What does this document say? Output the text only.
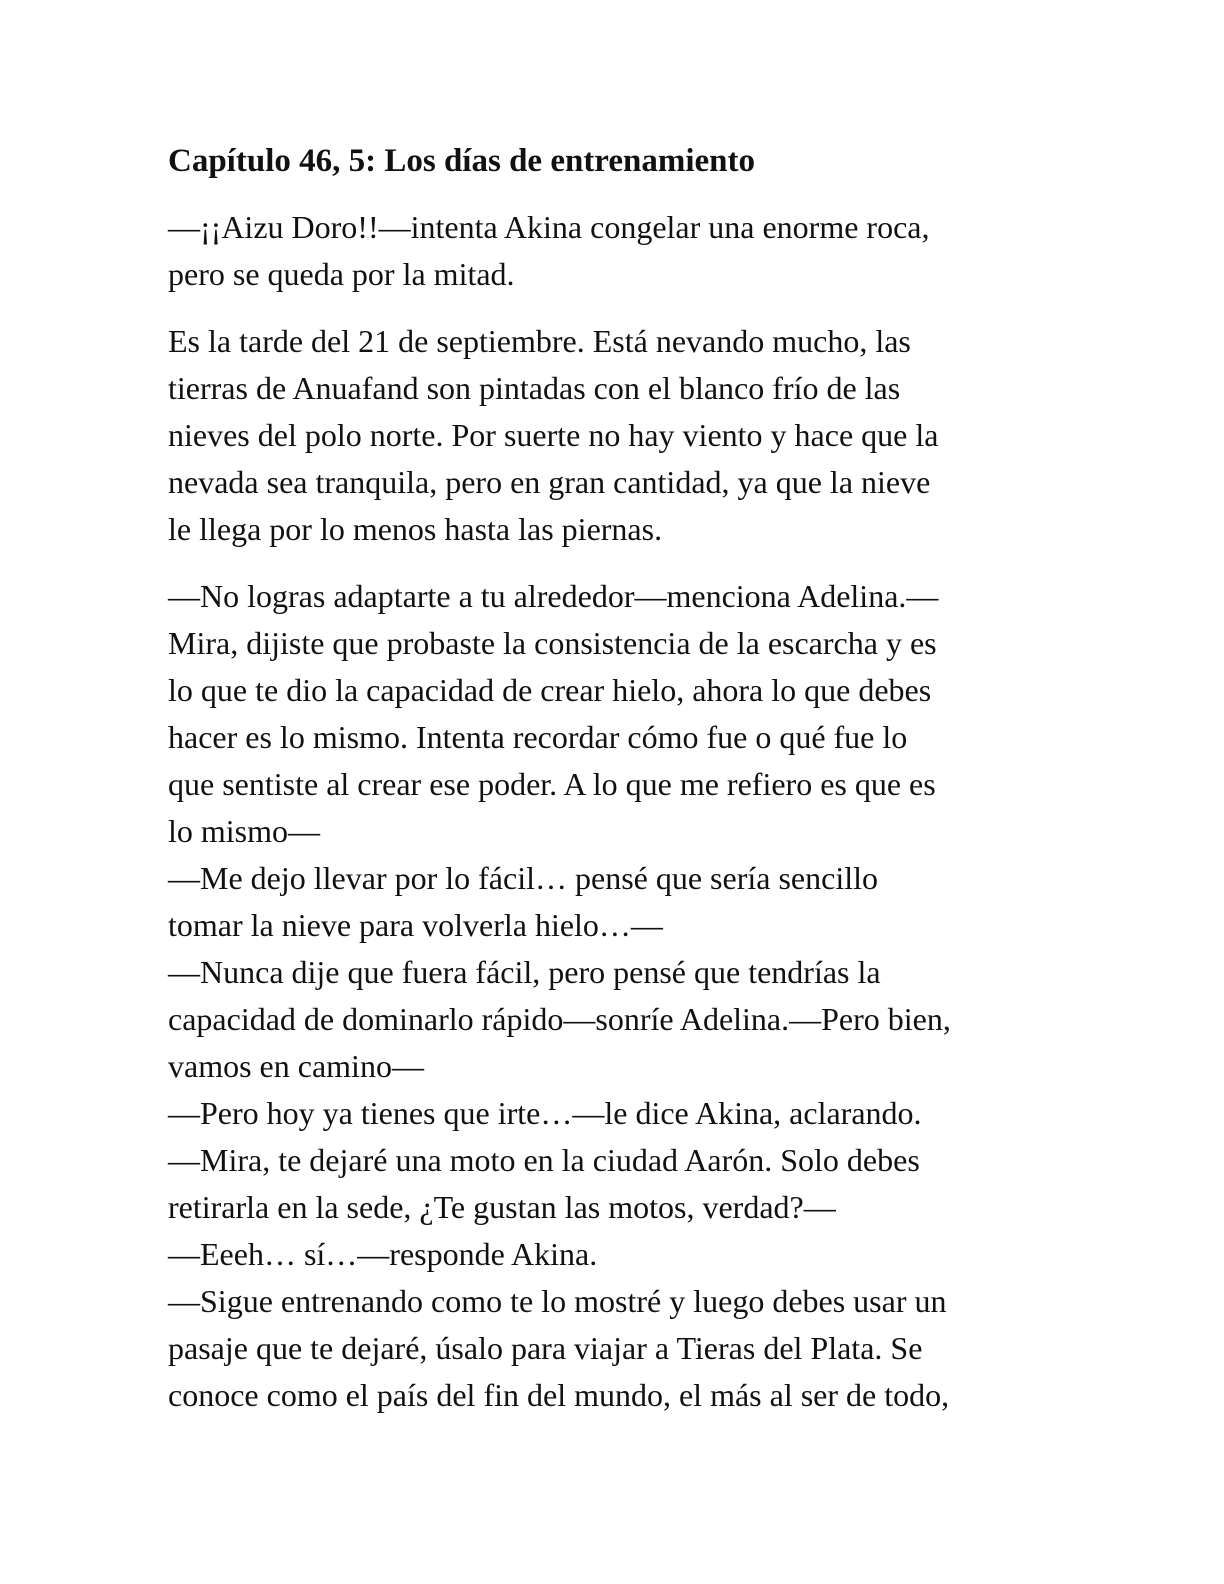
Capítulo 46, 5: Los días de entrenamiento
—¡¡Aizu Doro!!—intenta Akina congelar una enorme roca,
pero se queda por la mitad.
Es la tarde del 21 de septiembre. Está nevando mucho, las
tierras de Anuafand son pintadas con el blanco frío de las
nieves del polo norte. Por suerte no hay viento y hace que la
nevada sea tranquila, pero en gran cantidad, ya que la nieve
le llega por lo menos hasta las piernas.
—No logras adaptarte a tu alrededor—menciona Adelina.—
Mira, dijiste que probaste la consistencia de la escarcha y es
lo que te dio la capacidad de crear hielo, ahora lo que debes
hacer es lo mismo. Intenta recordar cómo fue o qué fue lo
que sentiste al crear ese poder. A lo que me refiero es que es
lo mismo—
—Me dejo llevar por lo fácil… pensé que sería sencillo
tomar la nieve para volverla hielo…—
—Nunca dije que fuera fácil, pero pensé que tendrías la
capacidad de dominarlo rápido—sonríe Adelina.—Pero bien,
vamos en camino—
—Pero hoy ya tienes que irte…—le dice Akina, aclarando.
—Mira, te dejaré una moto en la ciudad Aarón. Solo debes
retirarla en la sede, ¿Te gustan las motos, verdad?—
—Eeeh… sí…—responde Akina.
—Sigue entrenando como te lo mostré y luego debes usar un
pasaje que te dejaré, úsalo para viajar a Tieras del Plata. Se
conoce como el país del fin del mundo, el más al ser de todo,
